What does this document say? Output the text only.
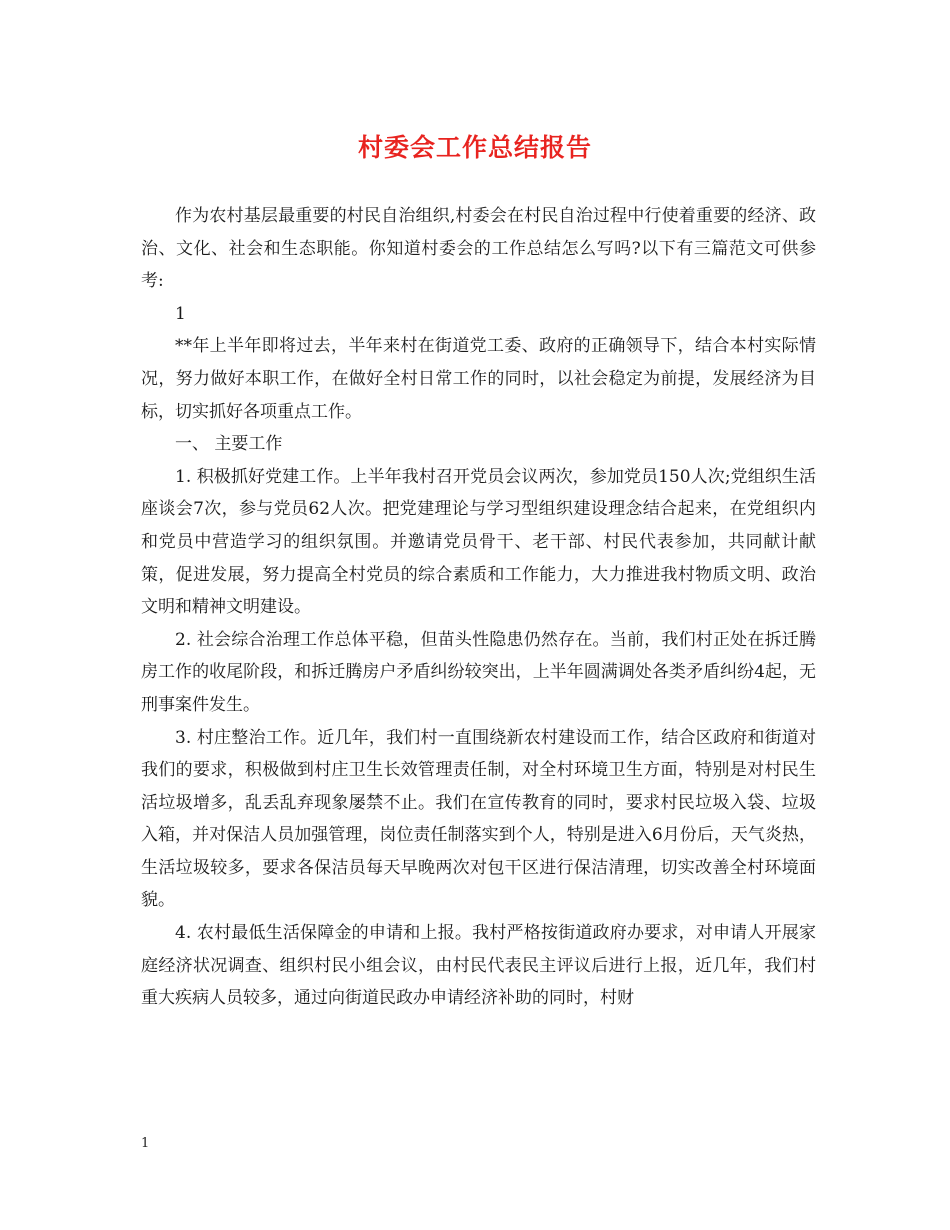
村委会工作总结报告

作为农村基层最重要的村民自治组织,村委会在村民自治过程中行使着重要的经济、政治、文化、社会和生态职能。你知道村委会的工作总结怎么写吗?以下有三篇范文可供参考:

1

**年上半年即将过去，半年来村在街道党工委、政府的正确领导下，结合本村实际情况，努力做好本职工作，在做好全村日常工作的同时，以社会稳定为前提，发展经济为目标，切实抓好各项重点工作。

一、 主要工作

1. 积极抓好党建工作。上半年我村召开党员会议两次，参加党员150人次;党组织生活座谈会7次，参与党员62人次。把党建理论与学习型组织建设理念结合起来，在党组织内和党员中营造学习的组织氛围。并邀请党员骨干、老干部、村民代表参加，共同献计献策，促进发展，努力提高全村党员的综合素质和工作能力，大力推进我村物质文明、政治文明和精神文明建设。

2. 社会综合治理工作总体平稳，但苗头性隐患仍然存在。当前，我们村正处在拆迁腾房工作的收尾阶段，和拆迁腾房户矛盾纠纷较突出，上半年圆满调处各类矛盾纠纷4起，无刑事案件发生。

3. 村庄整治工作。近几年，我们村一直围绕新农村建设而工作，结合区政府和街道对我们的要求，积极做到村庄卫生长效管理责任制，对全村环境卫生方面，特别是对村民生活垃圾增多，乱丢乱弃现象屡禁不止。我们在宣传教育的同时，要求村民垃圾入袋、垃圾入箱，并对保洁人员加强管理，岗位责任制落实到个人，特别是进入6月份后，天气炎热，生活垃圾较多，要求各保洁员每天早晚两次对包干区进行保洁清理，切实改善全村环境面貌。

4. 农村最低生活保障金的申请和上报。我村严格按街道政府办要求，对申请人开展家庭经济状况调查、组织村民小组会议，由村民代表民主评议后进行上报，近几年，我们村重大疾病人员较多，通过向街道民政办申请经济补助的同时，村财

1
